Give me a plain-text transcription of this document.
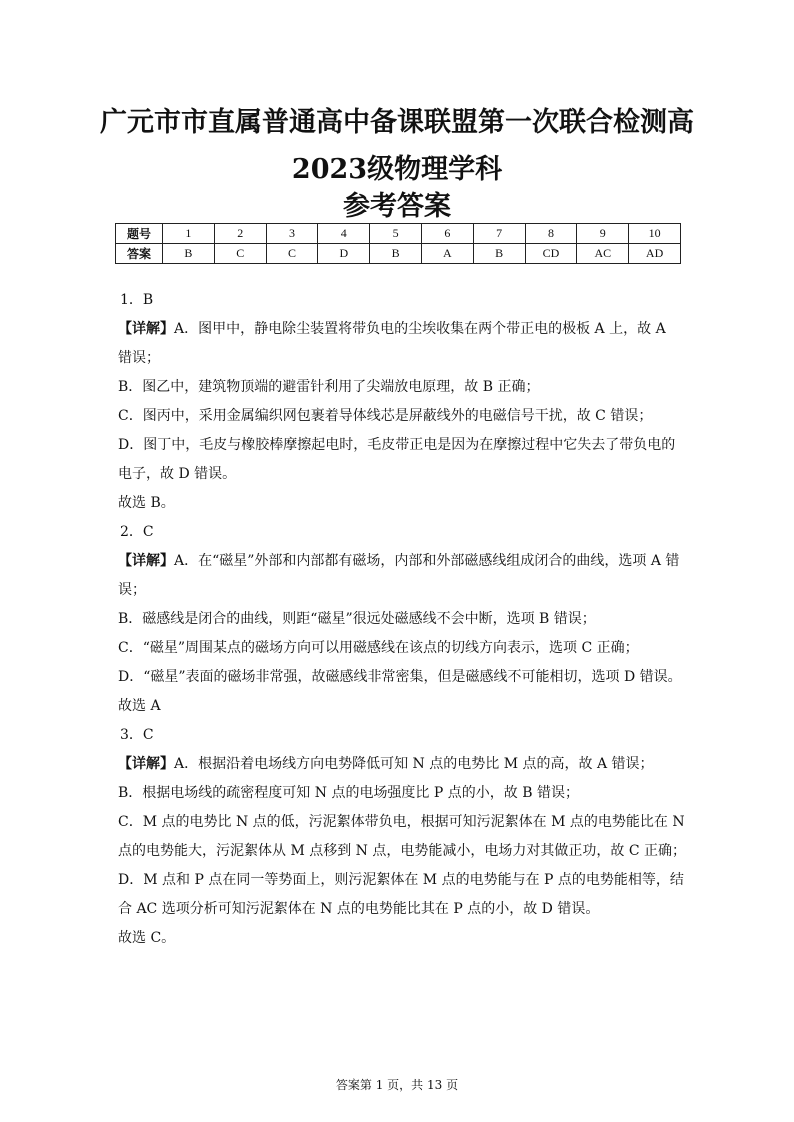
广元市市直属普通高中备课联盟第一次联合检测高
2023级物理学科
参考答案
题号	1	2	3	4	5	6	7	8	9	10
答案	B	C	C	D	B	A	B	CD	AC	AD
1．B
【详解】A．图甲中，静电除尘装置将带负电的尘埃收集在两个带正电的极板 A 上，故 A
错误；
B．图乙中，建筑物顶端的避雷针利用了尖端放电原理，故 B 正确；
C．图丙中，采用金属编织网包裹着导体线芯是屏蔽线外的电磁信号干扰，故 C 错误；
D．图丁中，毛皮与橡胶棒摩擦起电时，毛皮带正电是因为在摩擦过程中它失去了带负电的
电子，故 D 错误。
故选 B。
2．C
【详解】A．在“磁星”外部和内部都有磁场，内部和外部磁感线组成闭合的曲线，选项 A 错
误；
B．磁感线是闭合的曲线，则距“磁星”很远处磁感线不会中断，选项 B 错误；
C．“磁星”周围某点的磁场方向可以用磁感线在该点的切线方向表示，选项 C 正确；
D．“磁星”表面的磁场非常强，故磁感线非常密集，但是磁感线不可能相切，选项 D 错误。
故选 A
3．C
【详解】A．根据沿着电场线方向电势降低可知 N 点的电势比 M 点的高，故 A 错误；
B．根据电场线的疏密程度可知 N 点的电场强度比 P 点的小，故 B 错误；
C．M 点的电势比 N 点的低，污泥絮体带负电，根据可知污泥絮体在 M 点的电势能比在 N
点的电势能大，污泥絮体从 M 点移到 N 点，电势能减小，电场力对其做正功，故 C 正确；
D．M 点和 P 点在同一等势面上，则污泥絮体在 M 点的电势能与在 P 点的电势能相等，结
合 AC 选项分析可知污泥絮体在 N 点的电势能比其在 P 点的小，故 D 错误。
故选 C。
答案第 1 页，共 13 页
